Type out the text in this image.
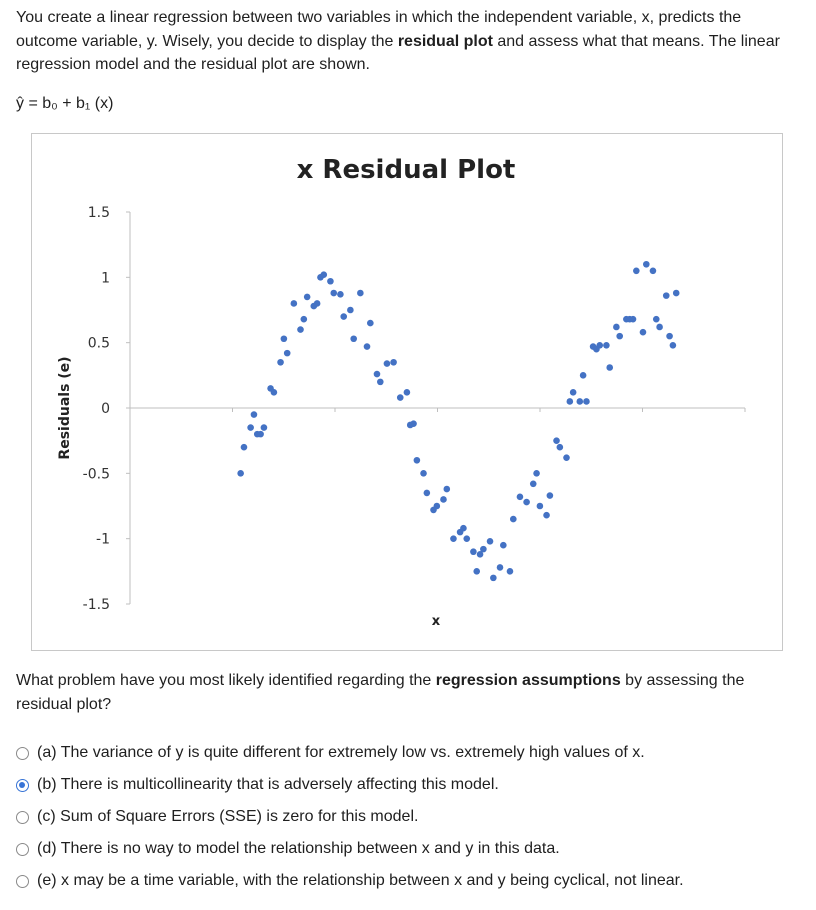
You create a linear regression between two variables in which the independent variable, x, predicts the outcome variable, y. Wisely, you decide to display the residual plot and assess what that means. The linear regression model and the residual plot are shown.

ŷ = b₀ + b₁ (x)

x Residual Plot
Residuals (e)
x
1.5
1
0.5
0
-0.5
-1
-1.5

What problem have you most likely identified regarding the regression assumptions by assessing the residual plot?

(a) The variance of y is quite different for extremely low vs. extremely high values of x.
(b) There is multicollinearity that is adversely affecting this model.
(c) Sum of Square Errors (SSE) is zero for this model.
(d) There is no way to model the relationship between x and y in this data.
(e) x may be a time variable, with the relationship between x and y being cyclical, not linear.
